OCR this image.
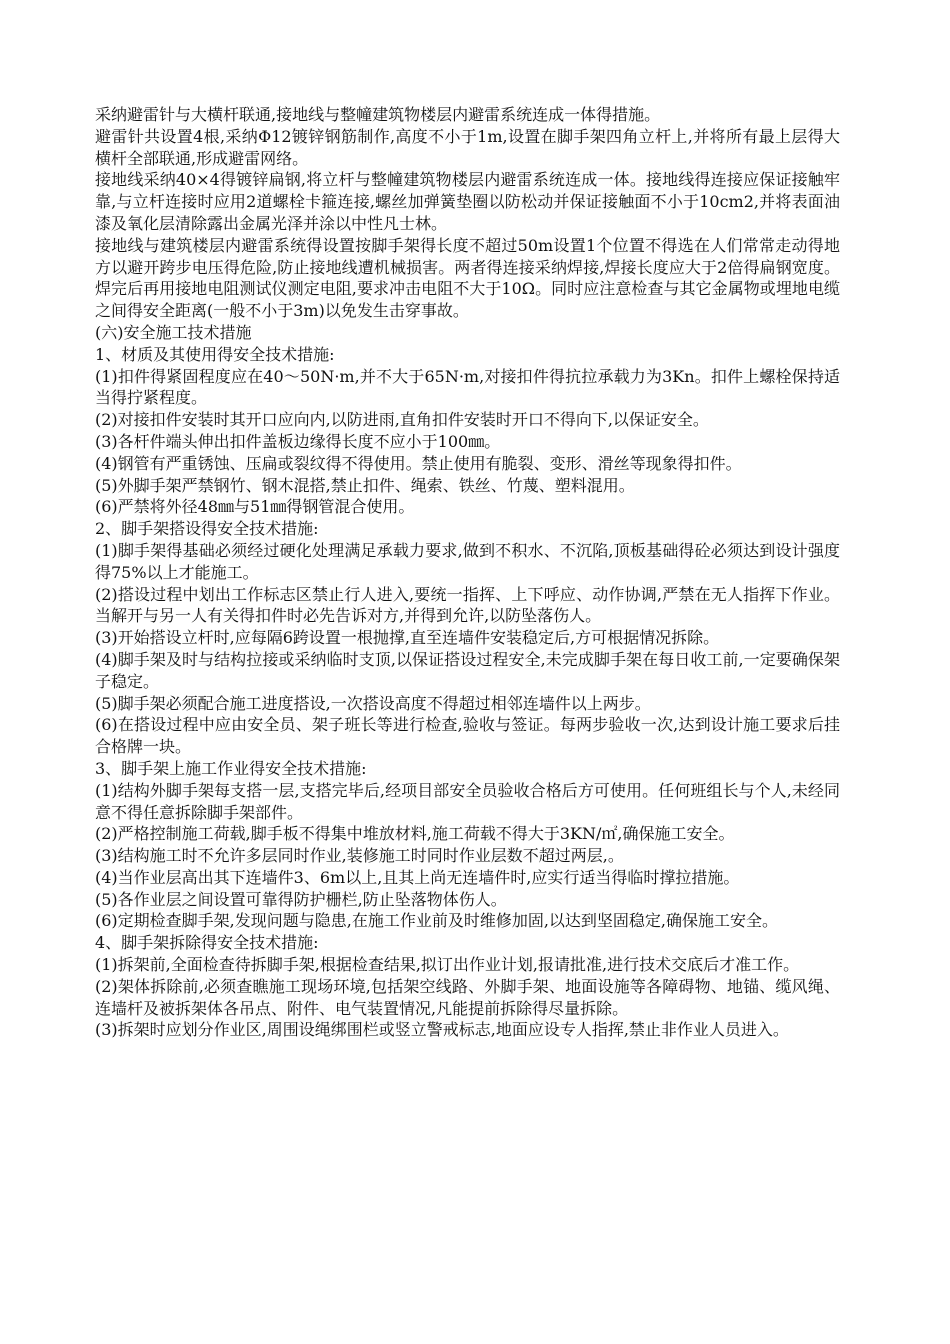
采纳避雷针与大横杆联通,接地线与整幢建筑物楼层内避雷系统连成一体得措施。

避雷针共设置4根,采纳Φ12镀锌钢筋制作,高度不小于1m,设置在脚手架四角立杆上,并将所有最上层得大横杆全部联通,形成避雷网络。

接地线采纳40×4得镀锌扁钢,将立杆与整幢建筑物楼层内避雷系统连成一体。接地线得连接应保证接触牢靠,与立杆连接时应用2道螺栓卡箍连接,螺丝加弹簧垫圈以防松动并保证接触面不小于10cm2,并将表面油漆及氧化层清除露出金属光泽并涂以中性凡士林。

接地线与建筑楼层内避雷系统得设置按脚手架得长度不超过50m设置1个位置不得选在人们常常走动得地方以避开跨步电压得危险,防止接地线遭机械损害。两者得连接采纳焊接,焊接长度应大于2倍得扁钢宽度。焊完后再用接地电阻测试仪测定电阻,要求冲击电阻不大于10Ω。同时应注意检查与其它金属物或埋地电缆之间得安全距离(一般不小于3m)以免发生击穿事故。

(六)安全施工技术措施

1、材质及其使用得安全技术措施:

(1)扣件得紧固程度应在40～50N·m,并不大于65N·m,对接扣件得抗拉承载力为3Kn。扣件上螺栓保持适当得拧紧程度。

(2)对接扣件安装时其开口应向内,以防进雨,直角扣件安装时开口不得向下,以保证安全。

(3)各杆件端头伸出扣件盖板边缘得长度不应小于100㎜。

(4)钢管有严重锈蚀、压扁或裂纹得不得使用。禁止使用有脆裂、变形、滑丝等现象得扣件。

(5)外脚手架严禁钢竹、钢木混搭,禁止扣件、绳索、铁丝、竹蔑、塑料混用。

(6)严禁将外径48㎜与51㎜得钢管混合使用。

2、脚手架搭设得安全技术措施:

(1)脚手架得基础必须经过硬化处理满足承载力要求,做到不积水、不沉陷,顶板基础得砼必须达到设计强度得75%以上才能施工。

(2)搭设过程中划出工作标志区禁止行人进入,要统一指挥、上下呼应、动作协调,严禁在无人指挥下作业。当解开与另一人有关得扣件时必先告诉对方,并得到允许,以防坠落伤人。

(3)开始搭设立杆时,应每隔6跨设置一根抛撑,直至连墙件安装稳定后,方可根据情况拆除。

(4)脚手架及时与结构拉接或采纳临时支顶,以保证搭设过程安全,未完成脚手架在每日收工前,一定要确保架子稳定。

(5)脚手架必须配合施工进度搭设,一次搭设高度不得超过相邻连墙件以上两步。

(6)在搭设过程中应由安全员、架子班长等进行检查,验收与签证。每两步验收一次,达到设计施工要求后挂合格牌一块。

3、脚手架上施工作业得安全技术措施:

(1)结构外脚手架每支搭一层,支搭完毕后,经项目部安全员验收合格后方可使用。任何班组长与个人,未经同意不得任意拆除脚手架部件。

(2)严格控制施工荷载,脚手板不得集中堆放材料,施工荷载不得大于3KN/㎡,确保施工安全。

(3)结构施工时不允许多层同时作业,装修施工时同时作业层数不超过两层,。

(4)当作业层高出其下连墙件3、6m以上,且其上尚无连墙件时,应实行适当得临时撑拉措施。

(5)各作业层之间设置可靠得防护栅栏,防止坠落物体伤人。

(6)定期检查脚手架,发现问题与隐患,在施工作业前及时维修加固,以达到坚固稳定,确保施工安全。

4、脚手架拆除得安全技术措施:

(1)拆架前,全面检查待拆脚手架,根据检查结果,拟订出作业计划,报请批准,进行技术交底后才准工作。

(2)架体拆除前,必须查瞧施工现场环境,包括架空线路、外脚手架、地面设施等各障碍物、地锚、缆风绳、连墙杆及被拆架体各吊点、附件、电气装置情况,凡能提前拆除得尽量拆除。

(3)拆架时应划分作业区,周围设绳绑围栏或竖立警戒标志,地面应设专人指挥,禁止非作业人员进入。
